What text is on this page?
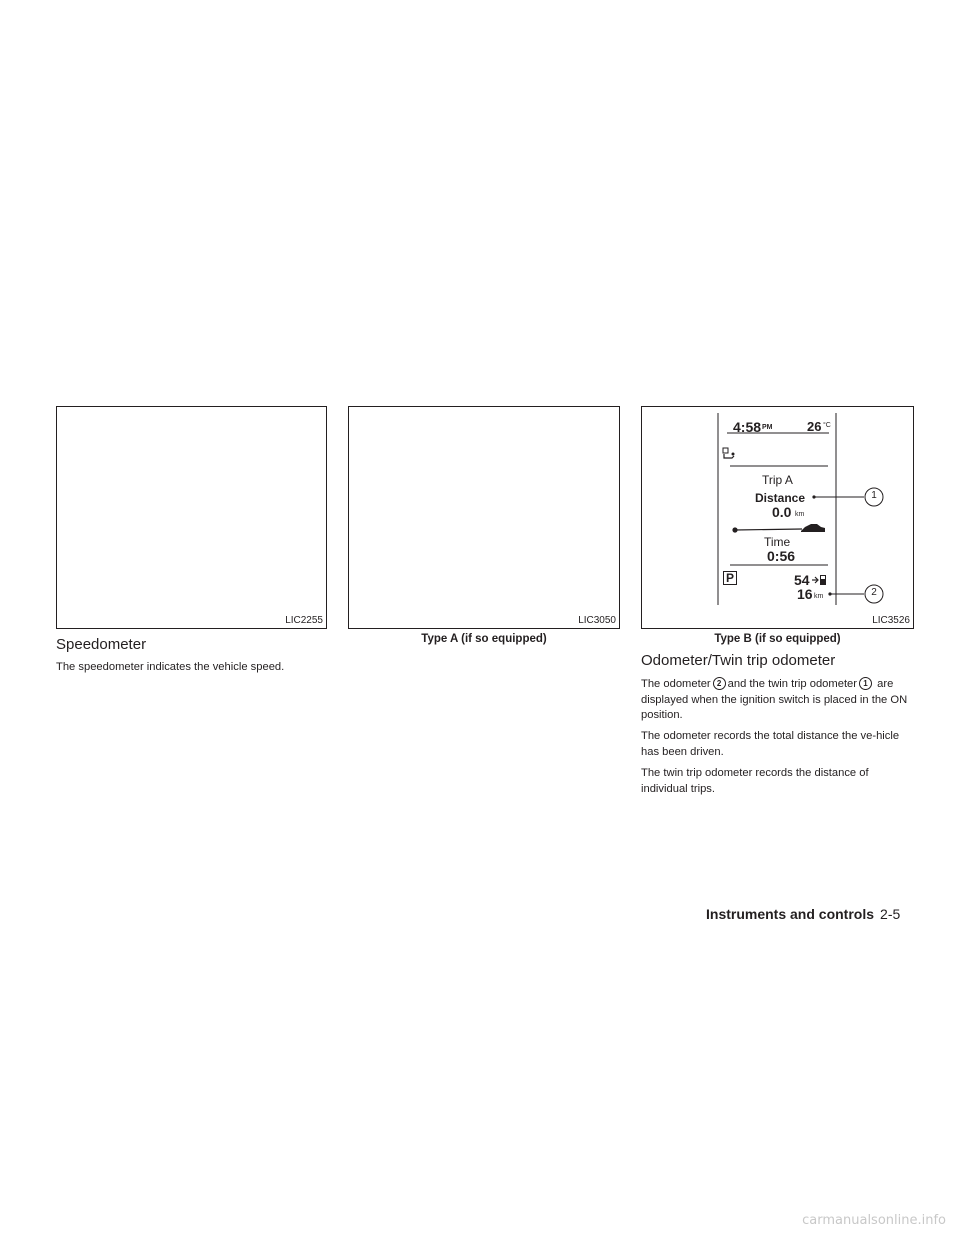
LIC2255	LIC3050
Type A (if so equipped)
4:58 PM	26 °C
Trip A
Distance
0.0 km
Time
0:56
P	54
16 km
1
2
LIC3526
Type B (if so equipped)
Speedometer

The speedometer indicates the vehicle speed.	Odometer/Twin trip odometer

The odometer 2 and the twin trip odometer 1 are displayed when the ignition switch is placed in the ON position.

The odometer records the total distance the ve-hicle has been driven.

The twin trip odometer records the distance of individual trips.

Instruments and controls 2-5
carmanualsonline.info
